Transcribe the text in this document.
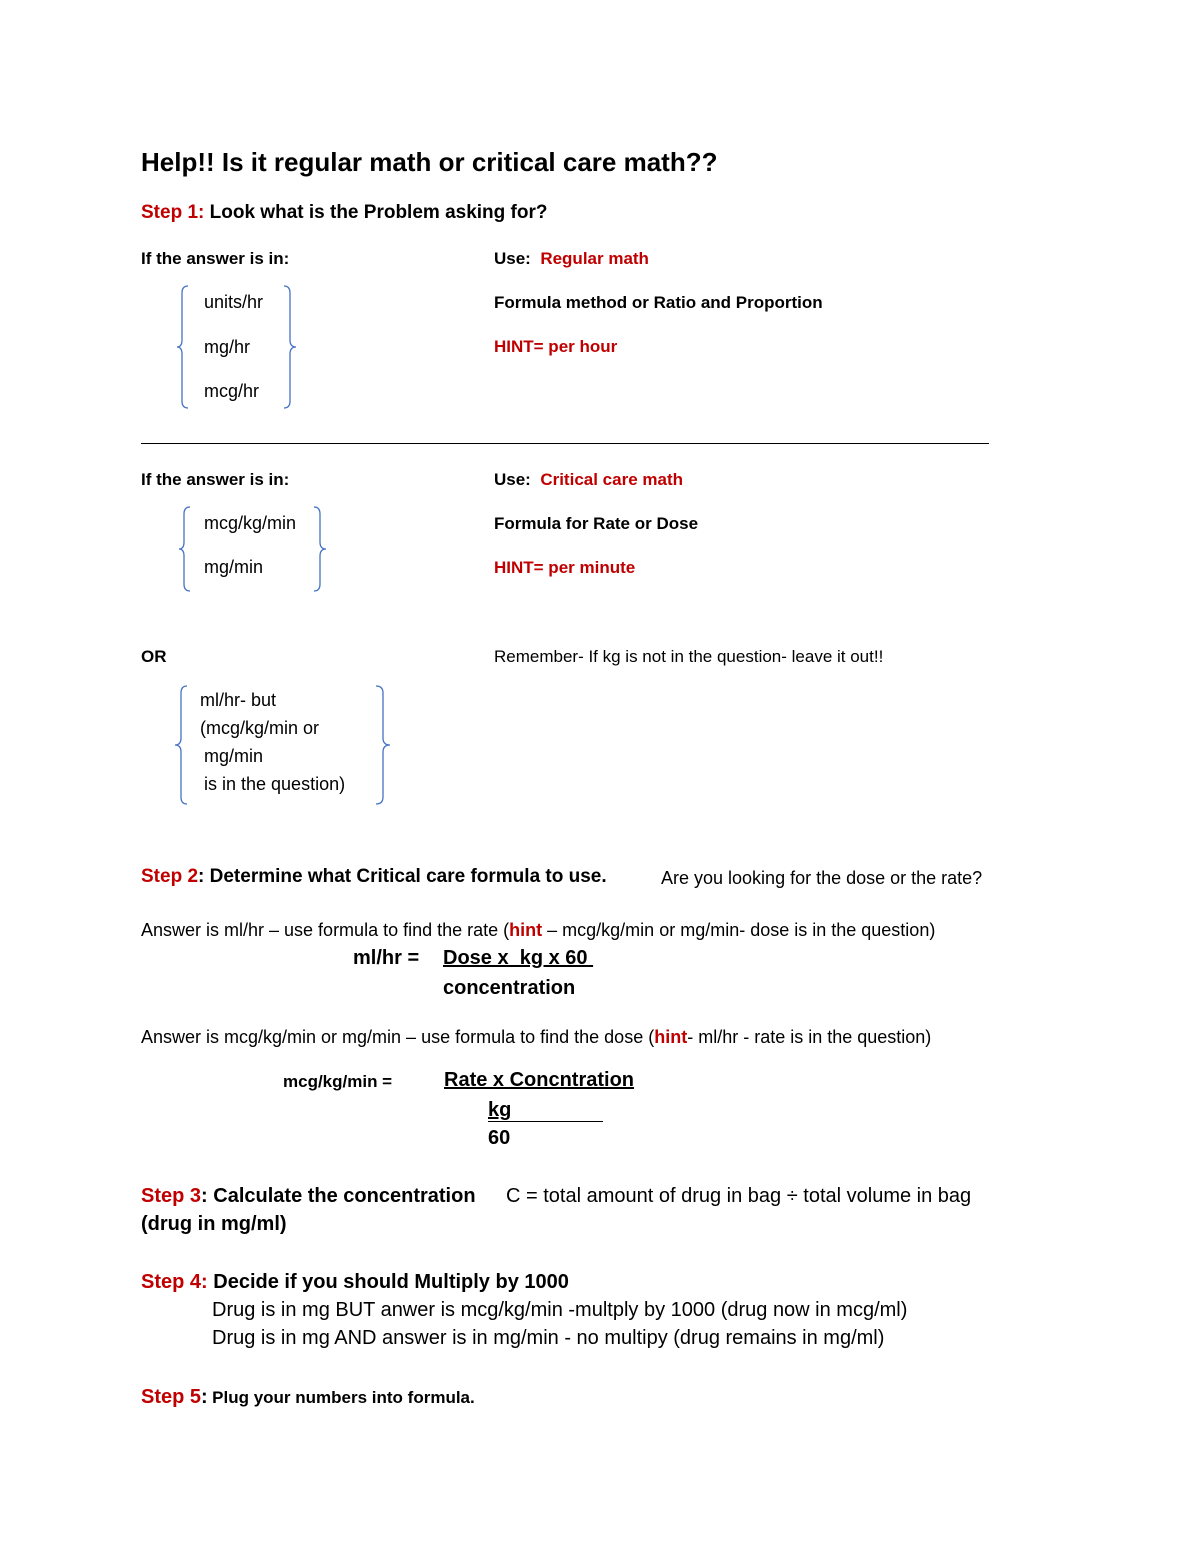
Help!! Is it regular math or critical care math??
Step 1: Look what is the Problem asking for?
If the answer is in:	Use: Regular math
units/hr
mg/hr
mcg/hr
Formula method or Ratio and Proportion
HINT= per hour
If the answer is in:	Use: Critical care math
mcg/kg/min
mg/min
Formula for Rate or Dose
HINT= per minute
OR	Remember- If kg is not in the question- leave it out!!
ml/hr- but
(mcg/kg/min or
mg/min
is in the question)
Step 2: Determine what Critical care formula to use.	Are you looking for the dose or the rate?
Answer is ml/hr – use formula to find the rate (hint – mcg/kg/min or mg/min- dose is in the question)
ml/hr = Dose x  kg x 60
concentration
Answer is mcg/kg/min or mg/min – use formula to find the dose (hint- ml/hr - rate is in the question)
mcg/kg/min =	Rate x Concntration
kg
60
Step 3: Calculate the concentration C = total amount of drug in bag ÷ total volume in bag
(drug in mg/ml)
Step 4: Decide if you should Multiply by 1000
Drug is in mg BUT anwer is mcg/kg/min -multply by 1000 (drug now in mcg/ml)
Drug is in mg AND answer is in mg/min - no multipy (drug remains in mg/ml)
Step 5: Plug your numbers into formula.
